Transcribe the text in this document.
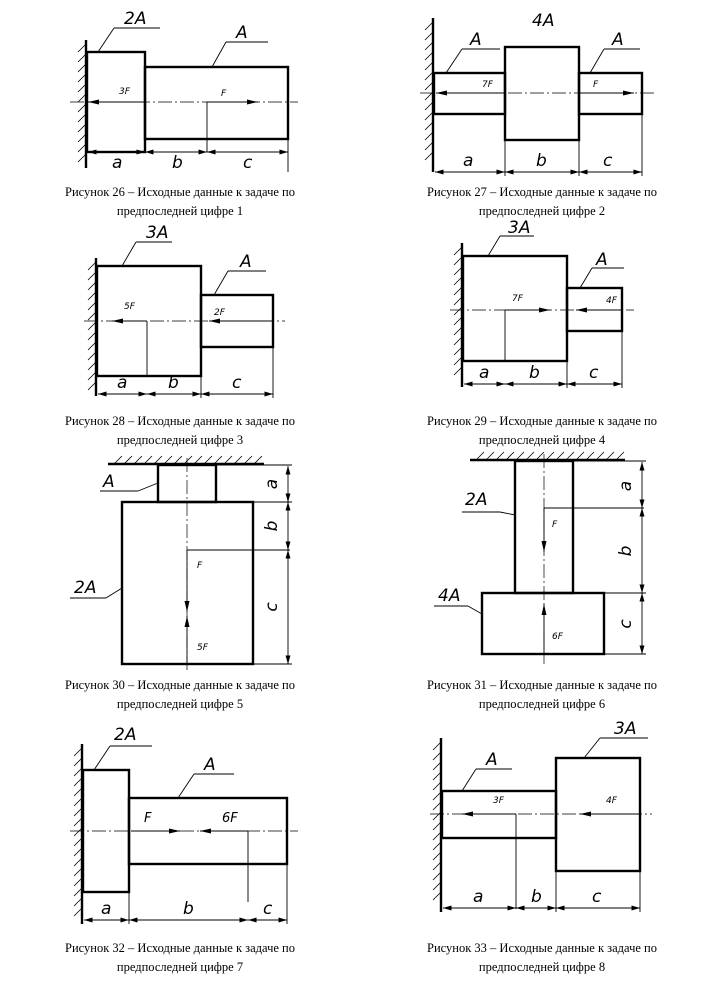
2A
A
3F	F
a	b	c
Рисунок 26 – Исходные данные к задаче по
предпоследней цифре 1
A
4A
A
7F	F
a	b	c
Рисунок 27 – Исходные данные к задаче по
предпоследней цифре 2
3A
A
5F
2F
a b	c
Рисунок 28 – Исходные данные к задаче по
предпоследней цифре 3
3A
A
7F	4F
a b	c
Рисунок 29 – Исходные данные к задаче по
предпоследней цифре 4
A
2A
F
5F
a
b
c
Рисунок 30 – Исходные данные к задаче по
предпоследней цифре 5
2A
4A
F
6F
a
b
c
Рисунок 31 – Исходные данные к задаче по
предпоследней цифре 6
2A
A
F	6F
a	b	c
Рисунок 32 – Исходные данные к задаче по
предпоследней цифре 7
A
3A
3F	4F
a	b	c
Рисунок 33 – Исходные данные к задаче по
предпоследней цифре 8
